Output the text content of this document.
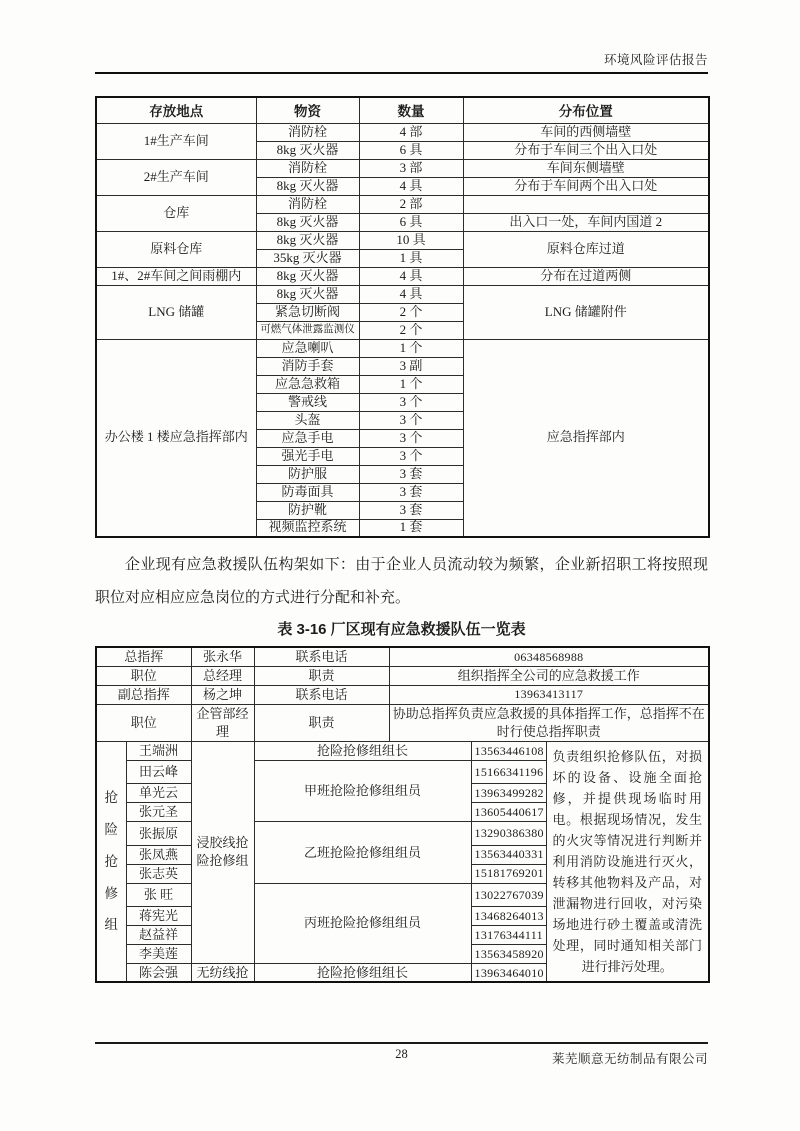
环境风险评估报告
存放地点	物资	数量	分布位置
1#生产车间	消防栓	4 部	车间的西侧墙壁
	8kg 灭火器	6 具	分布于车间三个出入口处
2#生产车间	消防栓	3 部	车间东侧墙壁
	8kg 灭火器	4 具	分布于车间两个出入口处
仓库	消防栓	2 部	
	8kg 灭火器	6 具	出入口一处，车间内国道 2
原料仓库	8kg 灭火器	10 具	原料仓库过道
	35kg 灭火器	1 具	
1#、2#车间之间雨棚内	8kg 灭火器	4 具	分布在过道两侧
LNG 储罐	8kg 灭火器	4 具	LNG 储罐附件
	紧急切断阀	2 个	
	可燃气体泄露监测仪	2 个	
办公楼 1 楼应急指挥部内	应急喇叭	1 个	应急指挥部内
	消防手套	3 副	
	应急急救箱	1 个	
	警戒线	3 个	
	头盔	3 个	
	应急手电	3 个	
	强光手电	3 个	
	防护服	3 套	
	防毒面具	3 套	
	防护靴	3 套	
	视频监控系统	1 套	

企业现有应急救援队伍构架如下：由于企业人员流动较为频繁，企业新招职工将按照现职位对应相应应急岗位的方式进行分配和补充。

表 3-16 厂区现有应急救援队伍一览表
总指挥		张永华	联系电话	06348568988		
职位		总经理	职责	组织指挥全公司的应急救援工作		
副总指挥		杨之坤	联系电话	13963413117		
职位		企管部经理	职责	协助总指挥负责应急救援的具体指挥工作，总指挥不在时行使总指挥职责		

抢险抢修组	王端洲	浸胶线抢险抢修组	抢险抢修组组长		13563446108	负责组织抢修队伍，对损坏的设备、设施全面抢修，并提供现场临时用电。根据现场情况，发生的火灾等情况进行判断并利用消防设施进行灭火，转移其他物料及产品，对泄漏物进行回收，对污染场地进行砂土覆盖或清洗处理，同时通知相关部门进行排污处理。
	田云峰		甲班抢险抢修组组员		15166341196	
	单光云				13963499282	
	张元圣				13605440617	
	张振原		乙班抢险抢修组组员		13290386380	
	张凤燕				13563440331	
	张志英				15181769201	
	张 旺		丙班抢险抢修组组员		13022767039	
	蒋宪光				13468264013	
	赵益祥				13176344111	
	李美莲				13563458920	
	陈会强	无纺线抢	抢险抢修组组长		13963464010	
28	莱芜顺意无纺制品有限公司
